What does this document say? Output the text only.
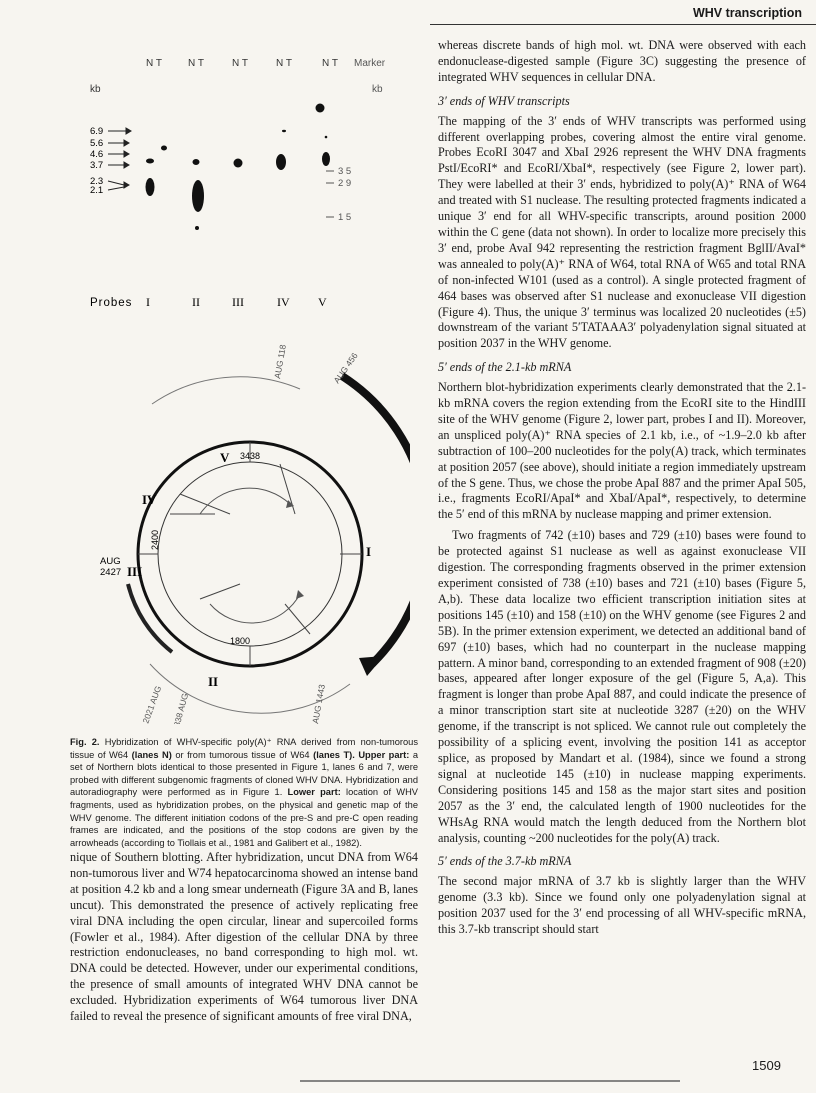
WHV transcription
N T	N T	N T	N T	N T Marker
kb	kb
6.9
5.6
4.6
3.7
2.3
2.1
3 5
2 9
1 5
Probes I	II	III	IV V
I
II
III
IV
V 3438
2400
1800
AUG
2427
AUG 118	AUG 456
2021 AUG 1838 AUG	AUG 1443
Fig. 2. Hybridization of WHV-specific poly(A)⁺ RNA derived from non-tumorous tissue of W64 (lanes N) or from tumorous tissue of W64 (lanes T). Upper part: a set of Northern blots identical to those presented in Figure 1, lanes 6 and 7, were probed with different subgenomic fragments of cloned WHV DNA. Hybridization and autoradiography were performed as in Figure 1. Lower part: location of WHV fragments, used as hybridization probes, on the physical and genetic map of the WHV genome. The different initiation codons of the pre-S and pre-C open reading frames are indicated, and the positions of the stop codons are given by the arrowheads (according to Tiollais et al., 1981 and Galibert et al., 1982).

nique of Southern blotting. After hybridization, uncut DNA from W64 non-tumorous liver and W74 hepatocarcinoma showed an intense band at position 4.2 kb and a long smear underneath (Figure 3A and B, lanes uncut). This demonstrated the presence of actively replicating free viral DNA including the open circular, linear and supercoiled forms (Fowler et al., 1984). After digestion of the cellular DNA by three restriction endonucleases, no band corresponding to high mol. wt. DNA could be detected. However, under our experimental conditions, the presence of small amounts of integrated WHV DNA cannot be excluded. Hybridization experiments of W64 tumorous liver DNA failed to reveal the presence of significant amounts of free viral DNA,

whereas discrete bands of high mol. wt. DNA were observed with each endonuclease-digested sample (Figure 3C) suggesting the presence of integrated WHV sequences in cellular DNA.

3′ ends of WHV transcripts

The mapping of the 3′ ends of WHV transcripts was performed using different overlapping probes, covering almost the entire viral genome. Probes EcoRI 3047 and XbaI 2926 represent the WHV DNA fragments PstI/EcoRI* and EcoRI/XbaI*, respectively (see Figure 2, lower part). They were labelled at their 3′ ends, hybridized to poly(A)⁺ RNA of W64 and treated with S1 nuclease. The resulting protected fragments indicated a unique 3′ end for all WHV-specific transcripts, around position 2000 within the C gene (data not shown). In order to localize more precisely this 3′ end, probe AvaI 942 representing the restriction fragment BglII/AvaI* was annealed to poly(A)⁺ RNA of W64, total RNA of W65 and total RNA of non-infected W101 (used as a control). A single protected fragment of 464 bases was observed after S1 nuclease and exonuclease VII digestion (Figure 4). Thus, the unique 3′ terminus was localized 20 nucleotides (±5) downstream of the variant 5′TATAAA3′ polyadenylation signal situated at position 2037 in the WHV genome.

5′ ends of the 2.1-kb mRNA

Northern blot-hybridization experiments clearly demonstrated that the 2.1-kb mRNA covers the region extending from the EcoRI site to the HindIII site of the WHV genome (Figure 2, lower part, probes I and II). Moreover, an unspliced poly(A)⁺ RNA species of 2.1 kb, i.e., of ~1.9–2.0 kb after subtraction of 100–200 nucleotides for the poly(A) track, which terminates at position 2057 (see above), should initiate a region immediately upstream of the S gene. Thus, we chose the probe ApaI 887 and the primer ApaI 505, i.e., fragments EcoRI/ApaI* and XbaI/ApaI*, respectively, to determine the 5′ end of this mRNA by nuclease mapping and primer extension.

Two fragments of 742 (±10) bases and 729 (±10) bases were found to be protected against S1 nuclease as well as against exonuclease VII digestion. The corresponding fragments observed in the primer extension experiment consisted of 738 (±10) bases and 721 (±10) bases (Figure 5, A,b). These data localize two efficient transcription initiation sites at positions 145 (±10) and 158 (±10) on the WHV genome (see Figures 2 and 5B). In the primer extension experiment, we detected an additional band of 697 (±10) bases, which had no counterpart in the nuclease mapping pattern. A minor band, corresponding to an extended fragment of 908 (±20) bases, appeared after longer exposure of the gel (Figure 5, A,a). This fragment is longer than probe ApaI 887, and could indicate the presence of a minor transcription start site at nucleotide 3287 (±20) on the WHV genome, if the transcript is not spliced. We cannot rule out completely the possibility of a splicing event, involving the position 141 as acceptor splice, as proposed by Mandart et al. (1984), since we found a strong signal at nucleotide 145 (±10) in nuclease mapping experiments. Considering positions 145 and 158 as the major start sites and position 2057 as the 3′ end, the calculated length of 1900 nucleotides for the WHsAg RNA would match the length deduced from the Northern blot analysis, counting ~200 nucleotides for the poly(A) track.

5′ ends of the 3.7-kb mRNA

The second major mRNA of 3.7 kb is slightly larger than the WHV genome (3.3 kb). Since we found only one polyadenylation signal at position 2037 used for the 3′ end processing of all WHV-specific mRNA, this 3.7-kb transcript should start

1509
